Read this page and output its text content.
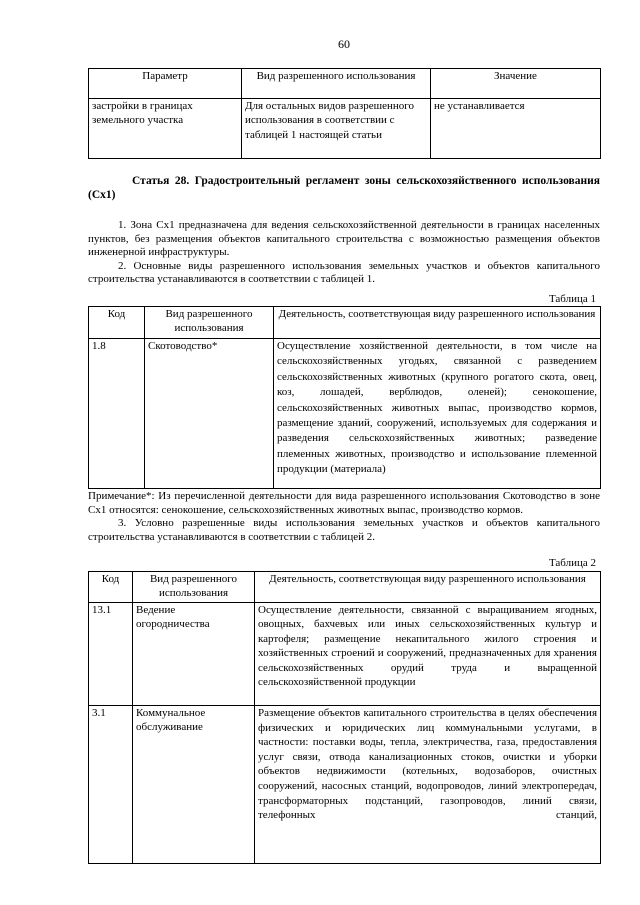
60
Параметр	Вид разрешенного использования	Значение
застройки в границах земельного участка	Для остальных видов разрешенного использования в соответствии с таблицей 1 настоящей статьи	не устанавливается
Статья 28. Градостроительный регламент зоны сельскохозяйственного использования (Сх1)

1. Зона Сх1 предназначена для ведения сельскохозяйственной деятельности в границах населенных пунктов, без размещения объектов капитального строительства с возможностью размещения объектов инженерной инфраструктуры.

2. Основные виды разрешенного использования земельных участков и объектов капитального строительства устанавливаются в соответствии с таблицей 1.

Таблица 1
Код	Вид разрешенного использования	Деятельность, соответствующая виду разрешенного использования
1.8	Скотоводство*	Осуществление хозяйственной деятельности, в том числе на сельскохозяйственных угодьях, связанной с разведением сельскохозяйственных животных (крупного рогатого скота, овец, коз, лошадей, верблюдов, оленей); сенокошение, сельскохозяйственных животных выпас, производство кормов, размещение зданий, сооружений, используемых для содержания и разведения сельскохозяйственных животных; разведение племенных животных, производство и использование племенной продукции (материала)

Примечание*: Из перечисленной деятельности для вида разрешенного использования Скотоводство в зоне Сх1 относятся: сенокошение, сельскохозяйственных животных выпас, производство кормов.

3. Условно разрешенные виды использования земельных участков и объектов капитального строительства устанавливаются в соответствии с таблицей 2.

Таблица 2
Код	Вид разрешенного использования	Деятельность, соответствующая виду разрешенного использования
13.1	Ведение огородничества	Осуществление деятельности, связанной с выращиванием ягодных, овощных, бахчевых или иных сельскохозяйственных культур и картофеля; размещение некапитального жилого строения и хозяйственных строений и сооружений, предназначенных для хранения сельскохозяйственных орудий труда и выращенной сельскохозяйственной продукции
3.1	Коммунальное обслуживание	Размещение объектов капитального строительства в целях обеспечения физических и юридических лиц коммунальными услугами, в частности: поставки воды, тепла, электричества, газа, предоставления услуг связи, отвода канализационных стоков, очистки и уборки объектов недвижимости (котельных, водозаборов, очистных сооружений, насосных станций, водопроводов, линий электропередач, трансформаторных подстанций, газопроводов, линий связи, телефонных станций,
